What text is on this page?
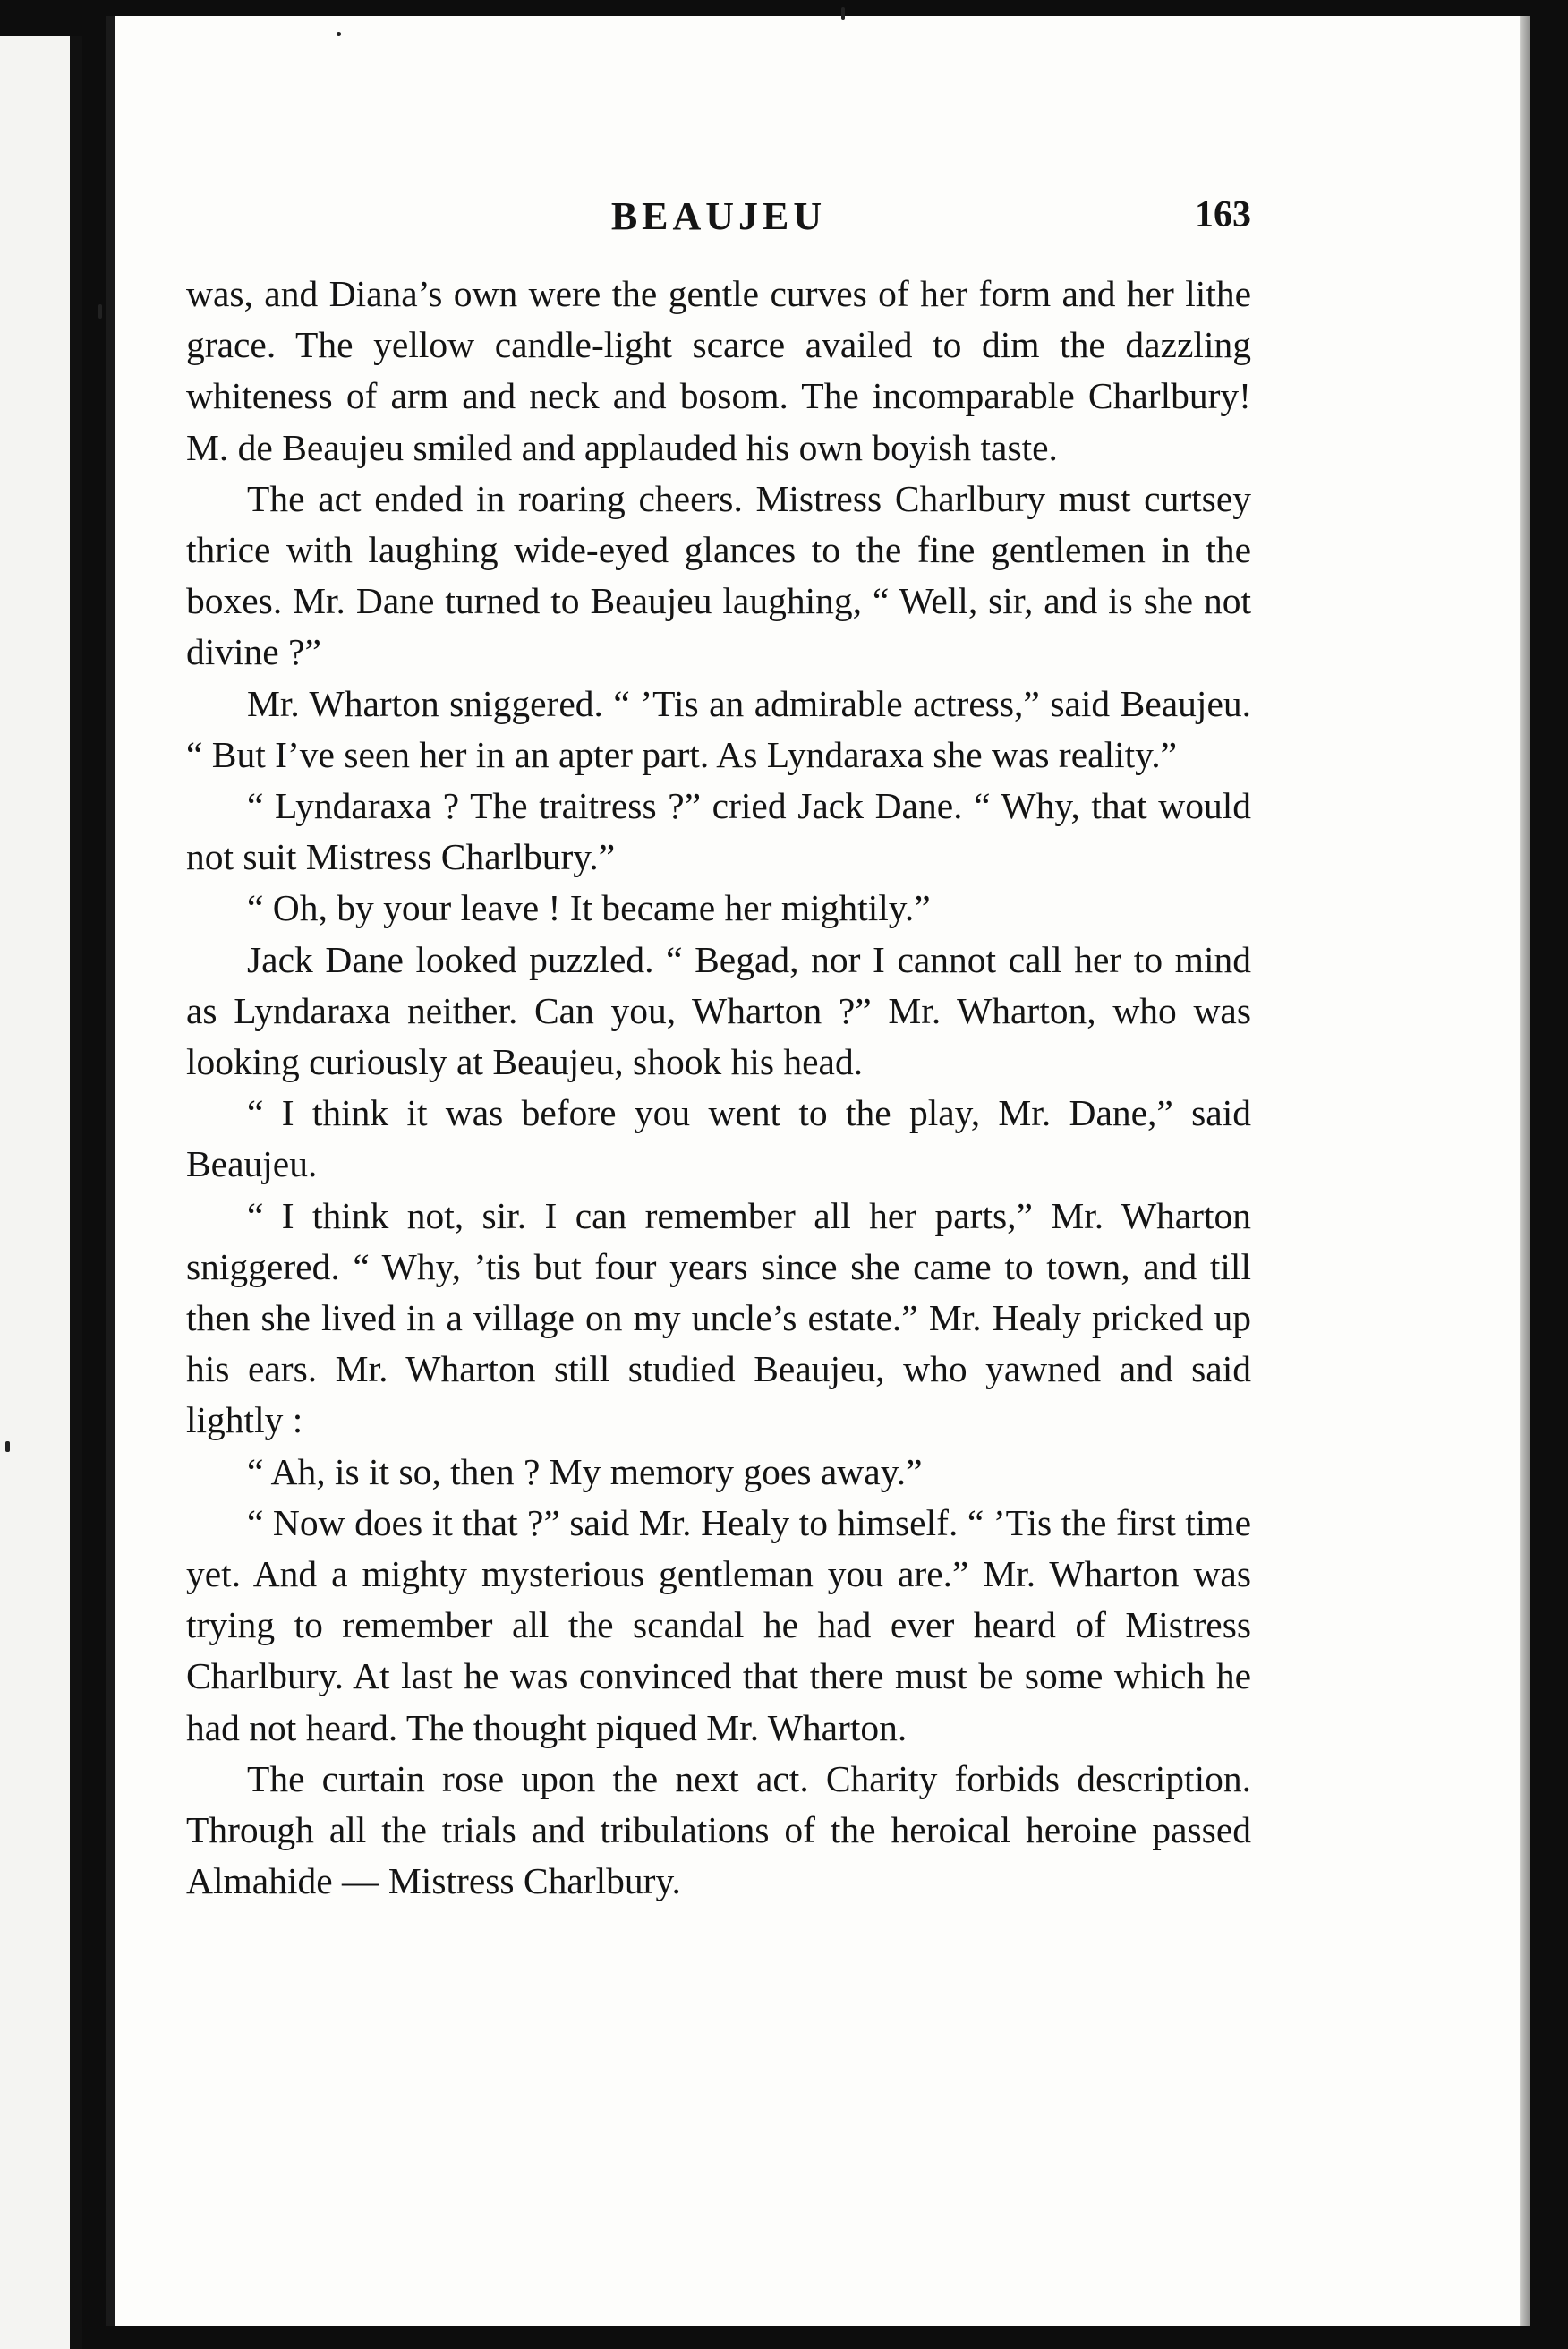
BEAUJEU	163

was, and Diana’s own were the gentle curves of her form and her lithe grace. The yellow candle-light scarce availed to dim the dazzling whiteness of arm and neck and bosom. The incomparable Charlbury! M. de Beaujeu smiled and applauded his own boyish taste.

The act ended in roaring cheers. Mistress Charlbury must curtsey thrice with laughing wide-eyed glances to the fine gentlemen in the boxes. Mr. Dane turned to Beaujeu laughing, “ Well, sir, and is she not divine ?”

Mr. Wharton sniggered. “ ’Tis an admirable actress,” said Beaujeu. “ But I’ve seen her in an apter part. As Lyndaraxa she was reality.”

“ Lyndaraxa ? The traitress ?” cried Jack Dane. “ Why, that would not suit Mistress Charlbury.”

“ Oh, by your leave ! It became her mightily.”

Jack Dane looked puzzled. “ Begad, nor I cannot call her to mind as Lyndaraxa neither. Can you, Wharton ?” Mr. Wharton, who was looking curiously at Beaujeu, shook his head.

“ I think it was before you went to the play, Mr. Dane,” said Beaujeu.

“ I think not, sir. I can remember all her parts,” Mr. Wharton sniggered. “ Why, ’tis but four years since she came to town, and till then she lived in a village on my uncle’s estate.” Mr. Healy pricked up his ears. Mr. Wharton still studied Beaujeu, who yawned and said lightly :

“ Ah, is it so, then ? My memory goes away.”

“ Now does it that ?” said Mr. Healy to himself. “ ’Tis the first time yet. And a mighty mysterious gentleman you are.” Mr. Wharton was trying to remember all the scandal he had ever heard of Mistress Charlbury. At last he was convinced that there must be some which he had not heard. The thought piqued Mr. Wharton.

The curtain rose upon the next act. Charity forbids description. Through all the trials and tribulations of the heroical heroine passed Almahide — Mistress Charlbury.
